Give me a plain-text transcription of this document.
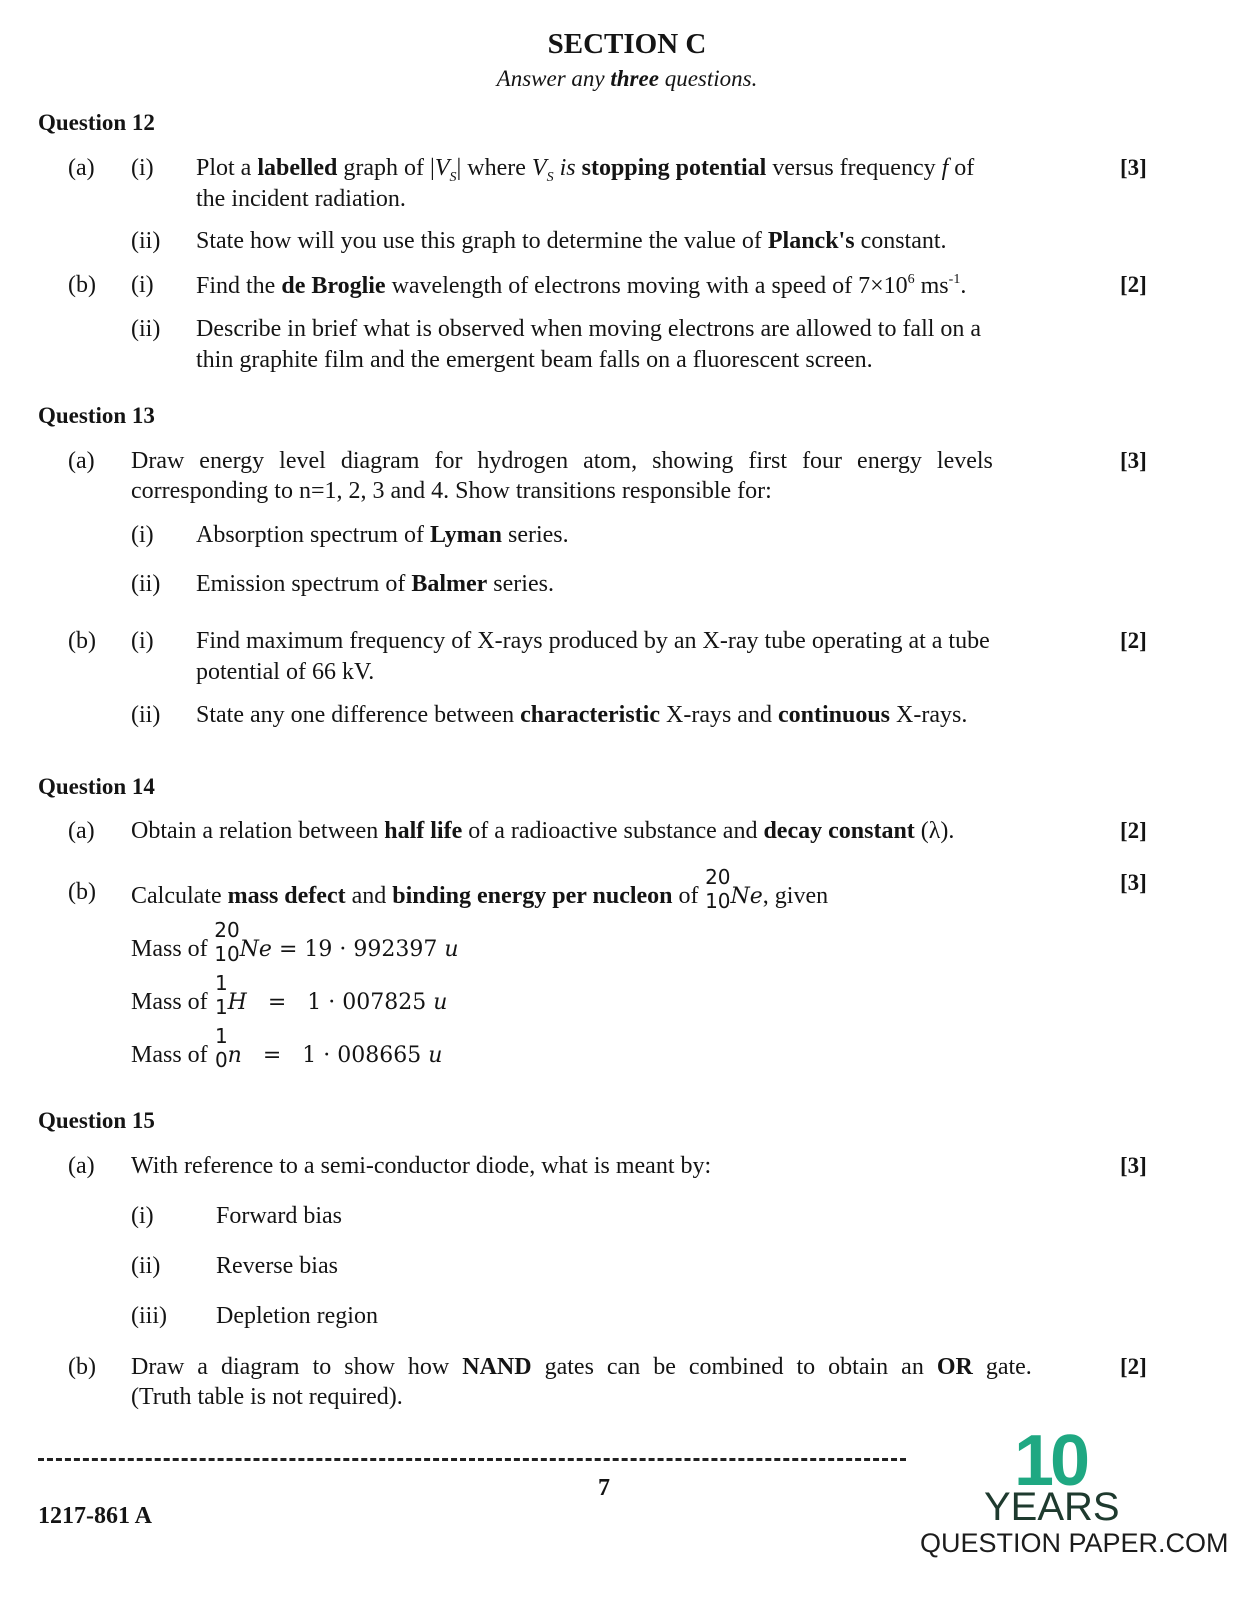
SECTION C
Answer any three questions.
Question 12
(a) (i) Plot a labelled graph of $|V_S|$ where $V_S$ is stopping potential versus frequency f of
the incident radiation.
[3]
(ii) State how will you use this graph to determine the value of Planck's constant.
(b) (i) Find the de Broglie wavelength of electrons moving with a speed of $7\times 10^6$ $ms^{-1}$.	[2]
(ii) Describe in brief what is observed when moving electrons are allowed to fall on a
thin graphite film and the emergent beam falls on a fluorescent screen.
Question 13
(a) Draw energy level diagram for hydrogen atom, showing first four energy levels
corresponding to n=1, 2, 3 and 4. Show transitions responsible for:
[3]
(i) Absorption spectrum of Lyman series.
(ii) Emission spectrum of Balmer series.
(b) (i) Find maximum frequency of X-rays produced by an X-ray tube operating at a tube
potential of 66 kV.
[2]
(ii) State any one difference between characteristic X-rays and continuous X-rays.
Question 14
(a) Obtain a relation between half life of a radioactive substance and decay constant (λ).	[2]
(b) Calculate mass defect and binding energy per nucleon of
20
10 Ne, given
[3]
Mass of
20
10 Ne = 19 · 992397 u
Mass of
1
1 H   =   1 · 007825 u
Mass of
1
0 n   =   1 · 008665 u
Question 15
(a) With reference to a semi-conductor diode, what is meant by:	[3]
(i)	Forward bias
(ii) Reverse bias
(iii) Depletion region
(b) Draw a diagram to show how NAND gates can be combined to obtain an OR gate.
(Truth table is not required).
[2]
7
1217-861 A
10
YEARS
QUESTION PAPER.COM
